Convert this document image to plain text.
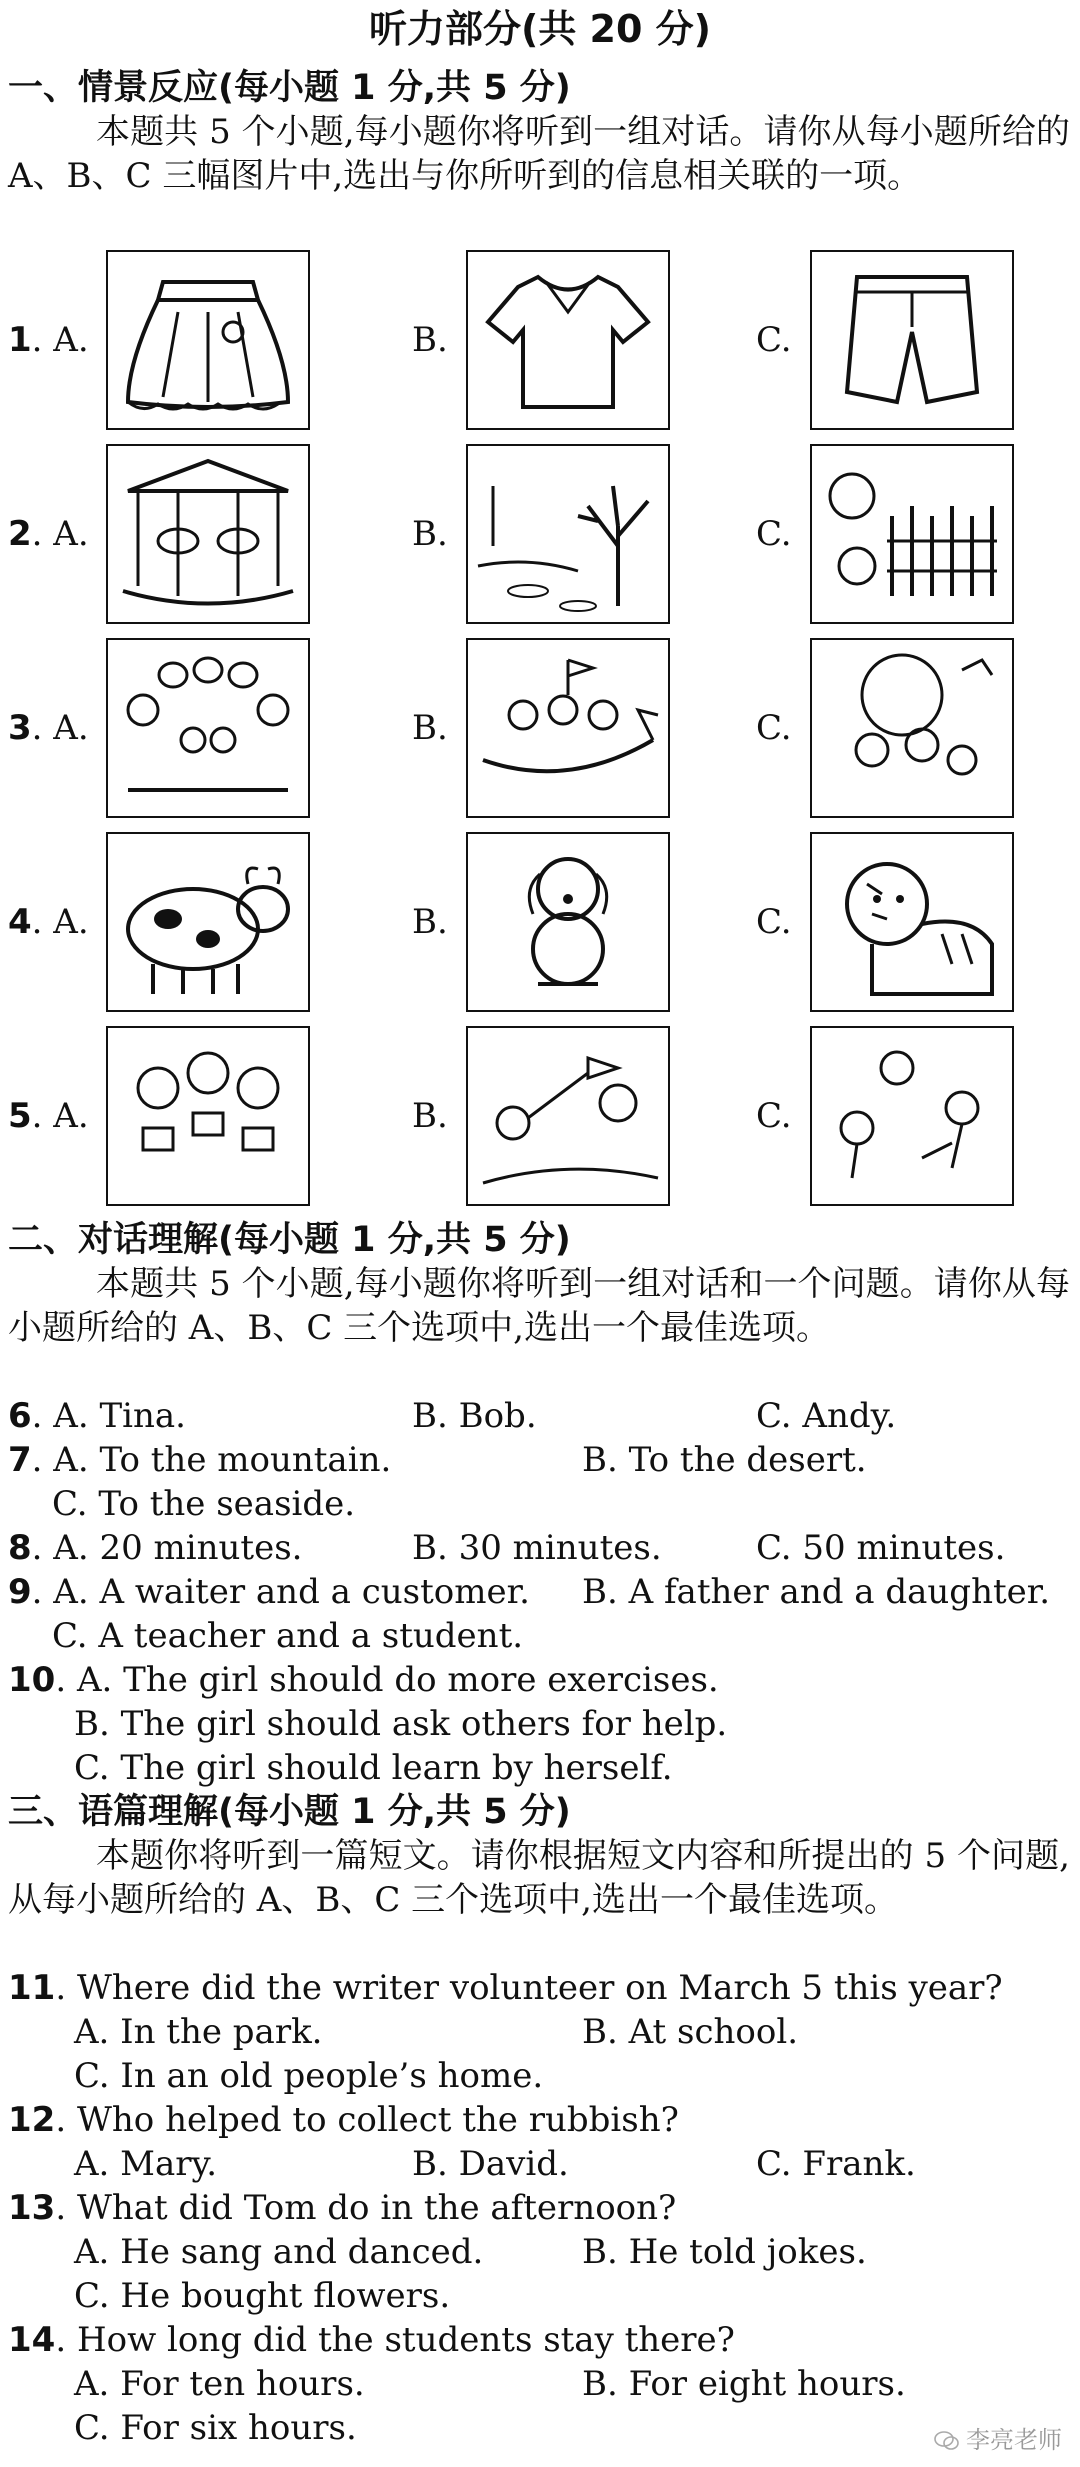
听力部分(共 20 分)
一、情景反应(每小题 1 分,共 5 分)
本题共 5 个小题,每小题你将听到一组对话。请你从每小题所给的 A、B、C 三幅图片中,选出与你所听到的信息相关联的一项。
1. A.	B.	C.
2. A.	B.	C.
3. A.	B.	C.
4. A.	B.	C.
5. A.	B.	C.
二、对话理解(每小题 1 分,共 5 分)
本题共 5 个小题,每小题你将听到一组对话和一个问题。请你从每小题所给的 A、B、C 三个选项中,选出一个最佳选项。
6. A. Tina.	B. Bob.	C. Andy.
7. A. To the mountain.	B. To the desert.
C. To the seaside.
8. A. 20 minutes.	B. 30 minutes.	C. 50 minutes.
9. A. A waiter and a customer. B. A father and a daughter.
C. A teacher and a student.
10. A. The girl should do more exercises.
B. The girl should ask others for help.
C. The girl should learn by herself.
三、语篇理解(每小题 1 分,共 5 分)
本题你将听到一篇短文。请你根据短文内容和所提出的 5 个问题,从每小题所给的 A、B、C 三个选项中,选出一个最佳选项。
11. Where did the writer volunteer on March 5 this year?
A. In the park.	B. At school.
C. In an old people’s home.
12. Who helped to collect the rubbish?
A. Mary.	B. David.	C. Frank.
13. What did Tom do in the afternoon?
A. He sang and danced.	B. He told jokes.
C. He bought flowers.
14. How long did the students stay there?
A. For ten hours.	B. For eight hours.
C. For six hours.	李亮老师
